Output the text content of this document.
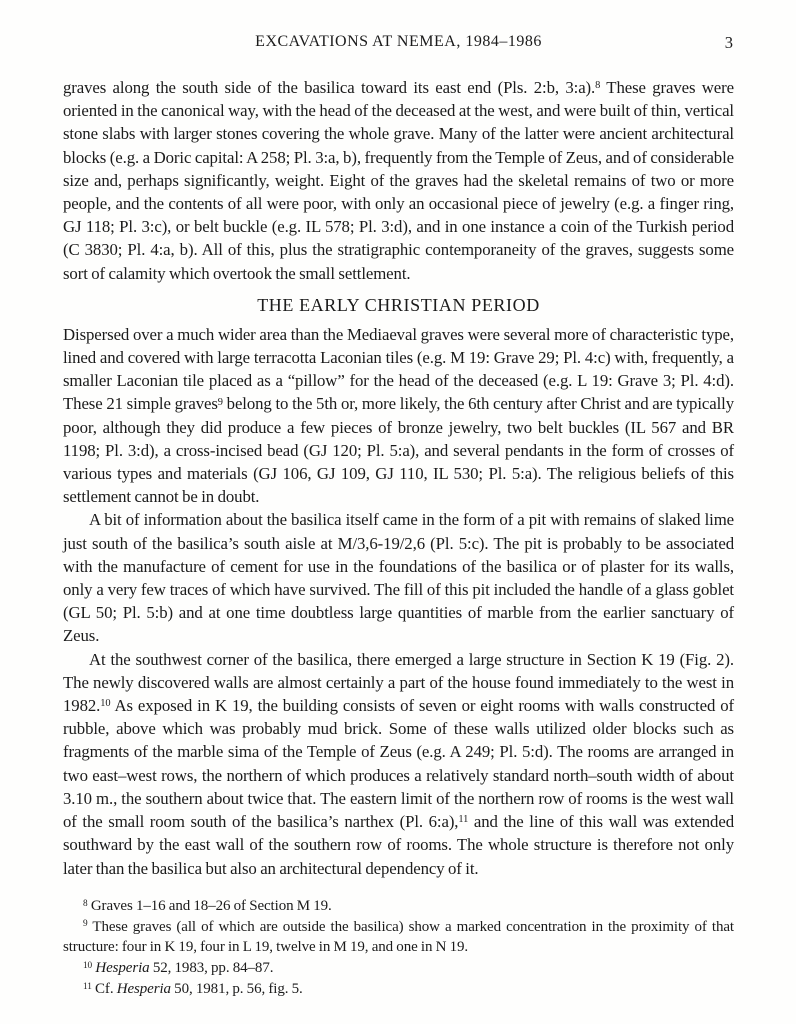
EXCAVATIONS AT NEMEA, 1984–1986	3

graves along the south side of the basilica toward its east end (Pls. 2:b, 3:a).$^8$ These graves were oriented in the canonical way, with the head of the deceased at the west, and were built of thin, vertical stone slabs with larger stones covering the whole grave. Many of the latter were ancient architectural blocks (e.g. a Doric capital: A 258; Pl. 3:a, b), frequently from the Temple of Zeus, and of considerable size and, perhaps significantly, weight. Eight of the graves had the skeletal remains of two or more people, and the contents of all were poor, with only an occasional piece of jewelry (e.g. a finger ring, GJ 118; Pl. 3:c), or belt buckle (e.g. IL 578; Pl. 3:d), and in one instance a coin of the Turkish period (C 3830; Pl. 4:a, b). All of this, plus the stratigraphic contemporaneity of the graves, suggests some sort of calamity which overtook the small settlement.

THE EARLY CHRISTIAN PERIOD

Dispersed over a much wider area than the Mediaeval graves were several more of characteristic type, lined and covered with large terracotta Laconian tiles (e.g. M 19: Grave 29; Pl. 4:c) with, frequently, a smaller Laconian tile placed as a “pillow” for the head of the deceased (e.g. L 19: Grave 3; Pl. 4:d). These 21 simple graves$^9$ belong to the 5th or, more likely, the 6th century after Christ and are typically poor, although they did produce a few pieces of bronze jewelry, two belt buckles (IL 567 and BR 1198; Pl. 3:d), a cross-incised bead (GJ 120; Pl. 5:a), and several pendants in the form of crosses of various types and materials (GJ 106, GJ 109, GJ 110, IL 530; Pl. 5:a). The religious beliefs of this settlement cannot be in doubt.

A bit of information about the basilica itself came in the form of a pit with remains of slaked lime just south of the basilica’s south aisle at M/3,6-19/2,6 (Pl. 5:c). The pit is probably to be associated with the manufacture of cement for use in the foundations of the basilica or of plaster for its walls, only a very few traces of which have survived. The fill of this pit included the handle of a glass goblet (GL 50; Pl. 5:b) and at one time doubtless large quantities of marble from the earlier sanctuary of Zeus.

At the southwest corner of the basilica, there emerged a large structure in Section K 19 (Fig. 2). The newly discovered walls are almost certainly a part of the house found immediately to the west in 1982.10 As exposed in K 19, the building consists of seven or eight rooms with walls constructed of rubble, above which was probably mud brick. Some of these walls utilized older blocks such as fragments of the marble sima of the Temple of Zeus (e.g. A 249; Pl. 5:d). The rooms are arranged in two east–west rows, the northern of which produces a relatively standard north–south width of about 3.10 m., the southern about twice that. The eastern limit of the northern row of rooms is the west wall of the small room south of the basilica’s narthex (Pl. 6:a),$^{11}$ and the line of this wall was extended southward by the east wall of the southern row of rooms. The whole structure is therefore not only later than the basilica but also an architectural dependency of it.

$^8$ Graves 1–16 and 18–26 of Section M 19.

$^9$ These graves (all of which are outside the basilica) show a marked concentration in the proximity of that structure: four in K 19, four in L 19, twelve in M 19, and one in N 19.

$^{10}$ Hesperia 52, 1983, pp. 84–87.

$^{11}$ Cf. Hesperia 50, 1981, p. 56, fig. 5.
